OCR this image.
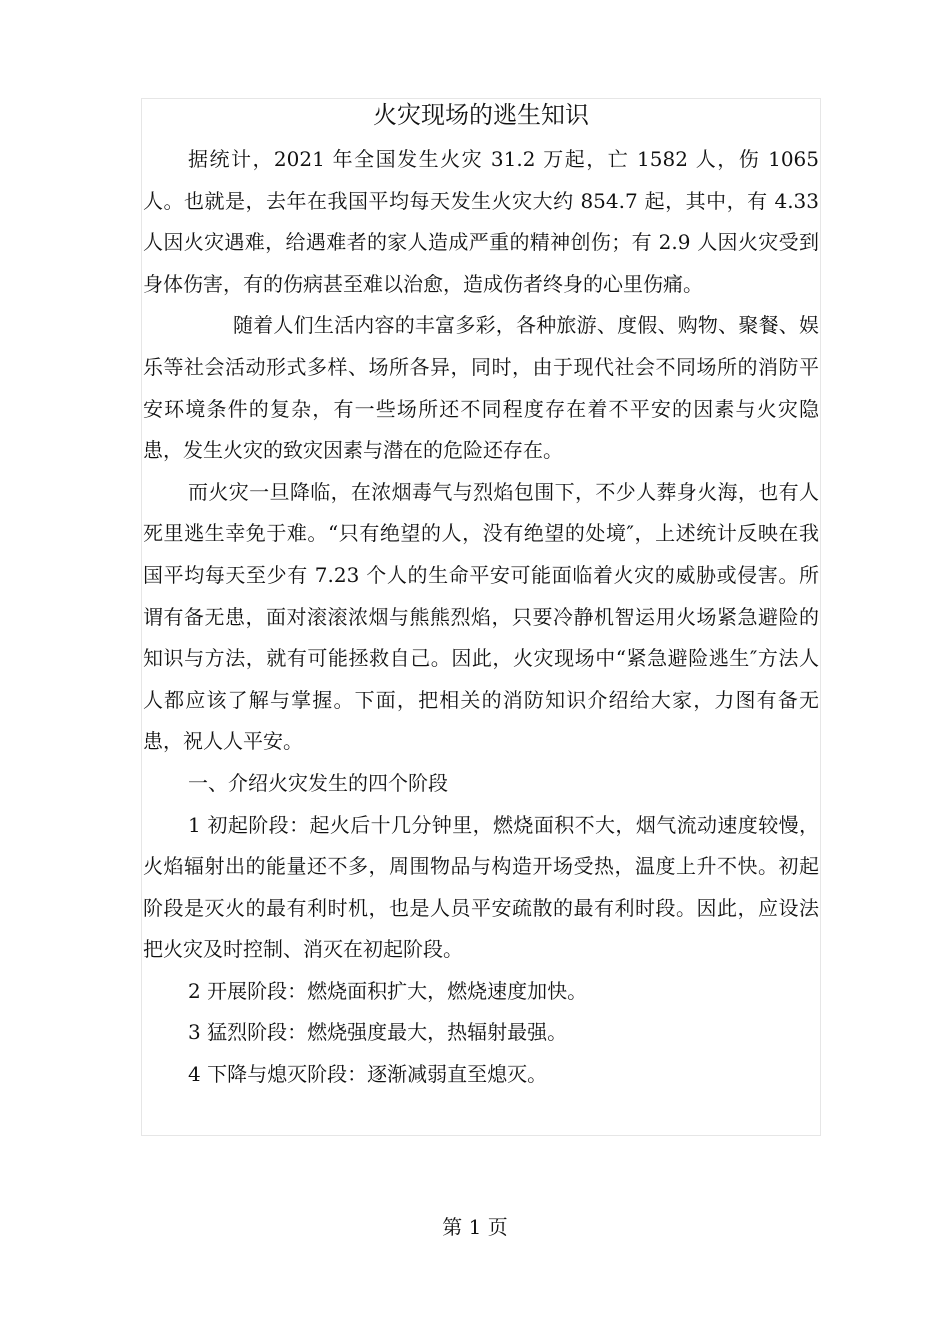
火灾现场的逃生知识

据统计，2021 年全国发生火灾 31.2 万起，亡 1582 人，伤 1065 人。也就是，去年在我国平均每天发生火灾大约 854.7 起，其中，有 4.33 人因火灾遇难，给遇难者的家人造成严重的精神创伤；有 2.9 人因火灾受到身体伤害，有的伤病甚至难以治愈，造成伤者终身的心里伤痛。

随着人们生活内容的丰富多彩，各种旅游、度假、购物、聚餐、娱乐等社会活动形式多样、场所各异，同时，由于现代社会不同场所的消防平安环境条件的复杂，有一些场所还不同程度存在着不平安的因素与火灾隐患，发生火灾的致灾因素与潜在的危险还存在。

而火灾一旦降临，在浓烟毒气与烈焰包围下，不少人葬身火海，也有人死里逃生幸免于难。“只有绝望的人，没有绝望的处境″，上述统计反映在我国平均每天至少有 7.23 个人的生命平安可能面临着火灾的威胁或侵害。所谓有备无患，面对滚滚浓烟与熊熊烈焰，只要冷静机智运用火场紧急避险的知识与方法，就有可能拯救自己。因此，火灾现场中“紧急避险逃生″方法人人都应该了解与掌握。下面，把相关的消防知识介绍给大家，力图有备无患，祝人人平安。

一、介绍火灾发生的四个阶段

1 初起阶段：起火后十几分钟里，燃烧面积不大，烟气流动速度较慢，火焰辐射出的能量还不多，周围物品与构造开场受热，温度上升不快。初起阶段是灭火的最有利时机，也是人员平安疏散的最有利时段。因此，应设法把火灾及时控制、消灭在初起阶段。

2 开展阶段：燃烧面积扩大，燃烧速度加快。

3 猛烈阶段：燃烧强度最大，热辐射最强。

4 下降与熄灭阶段：逐渐减弱直至熄灭。

第 1 页
